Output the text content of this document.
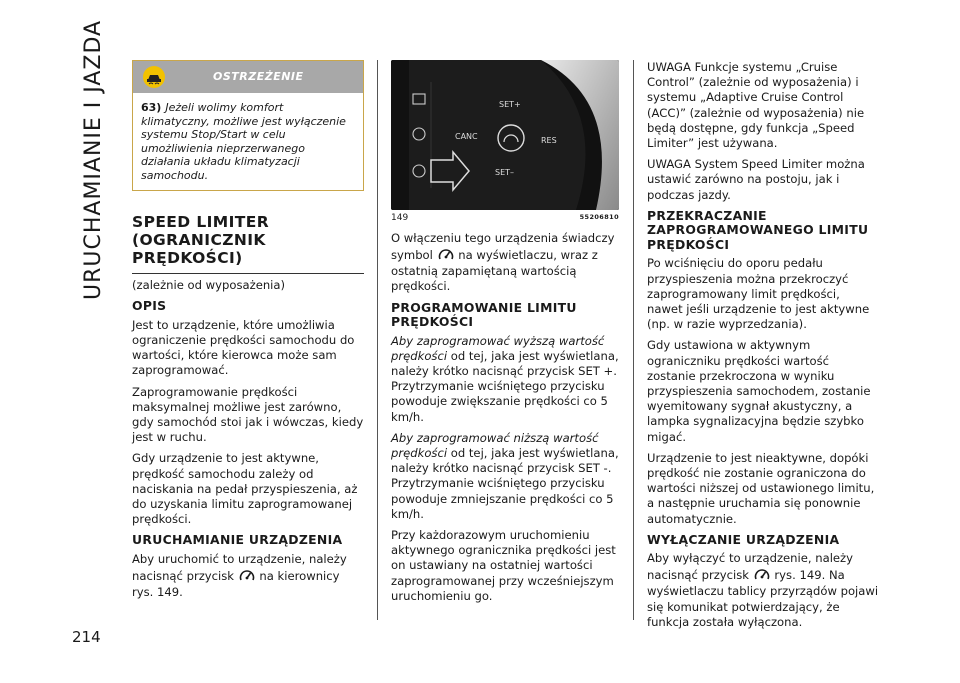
URUCHAMIANIE I JAZDA
214
OSTRZEŻENIE
63) Jeżeli wolimy komfort klimatyczny, możliwe jest wyłączenie systemu Stop/Start w celu umożliwienia nieprzerwanego działania układu klimatyzacji samochodu.
SPEED LIMITER (OGRANICZNIK PRĘDKOŚCI)

(zależnie od wyposażenia)

OPIS

Jest to urządzenie, które umożliwia ograniczenie prędkości samochodu do wartości, które kierowca może sam zaprogramować.

Zaprogramowanie prędkości maksymalnej możliwe jest zarówno, gdy samochód stoi jak i wówczas, kiedy jest w ruchu.

Gdy urządzenie to jest aktywne, prędkość samochodu zależy od naciskania na pedał przyspieszenia, aż do uzyskania limitu zaprogramowanej prędkości.

URUCHAMIANIE URZĄDZENIA

Aby uruchomić to urządzenie, należy nacisnąć przycisk na kierownicy rys. 149.

SET+
CANC	RES
SET–
149	55206810

O włączeniu tego urządzenia świadczy symbol na wyświetlaczu, wraz z ostatnią zapamiętaną wartością prędkości.

PROGRAMOWANIE LIMITU PRĘDKOŚCI

Aby zaprogramować wyższą wartość prędkości od tej, jaka jest wyświetlana, należy krótko nacisnąć przycisk SET +. Przytrzymanie wciśniętego przycisku powoduje zwiększanie prędkości co 5 km/h.

Aby zaprogramować niższą wartość prędkości od tej, jaka jest wyświetlana, należy krótko nacisnąć przycisk SET -. Przytrzymanie wciśniętego przycisku powoduje zmniejszanie prędkości co 5 km/h.

Przy każdorazowym uruchomieniu aktywnego ogranicznika prędkości jest on ustawiany na ostatniej wartości zaprogramowanej przy wcześniejszym uruchomieniu go.

UWAGA Funkcje systemu „Cruise Control” (zależnie od wyposażenia) i systemu „Adaptive Cruise Control (ACC)” (zależnie od wyposażenia) nie będą dostępne, gdy funkcja „Speed Limiter” jest używana.

UWAGA System Speed Limiter można ustawić zarówno na postoju, jak i podczas jazdy.

PRZEKRACZANIE ZAPROGRAMOWANEGO LIMITU PRĘDKOŚCI

Po wciśnięciu do oporu pedału przyspieszenia można przekroczyć zaprogramowany limit prędkości, nawet jeśli urządzenie to jest aktywne (np. w razie wyprzedzania).

Gdy ustawiona w aktywnym ograniczniku prędkości wartość zostanie przekroczona w wyniku przyspieszenia samochodem, zostanie wyemitowany sygnał akustyczny, a lampka sygnalizacyjna będzie szybko migać.

Urządzenie to jest nieaktywne, dopóki prędkość nie zostanie ograniczona do wartości niższej od ustawionego limitu, a następnie uruchamia się ponownie automatycznie.

WYŁĄCZANIE URZĄDZENIA

Aby wyłączyć to urządzenie, należy nacisnąć przycisk rys. 149. Na wyświetlaczu tablicy przyrządów pojawi się komunikat potwierdzający, że funkcja została wyłączona.
